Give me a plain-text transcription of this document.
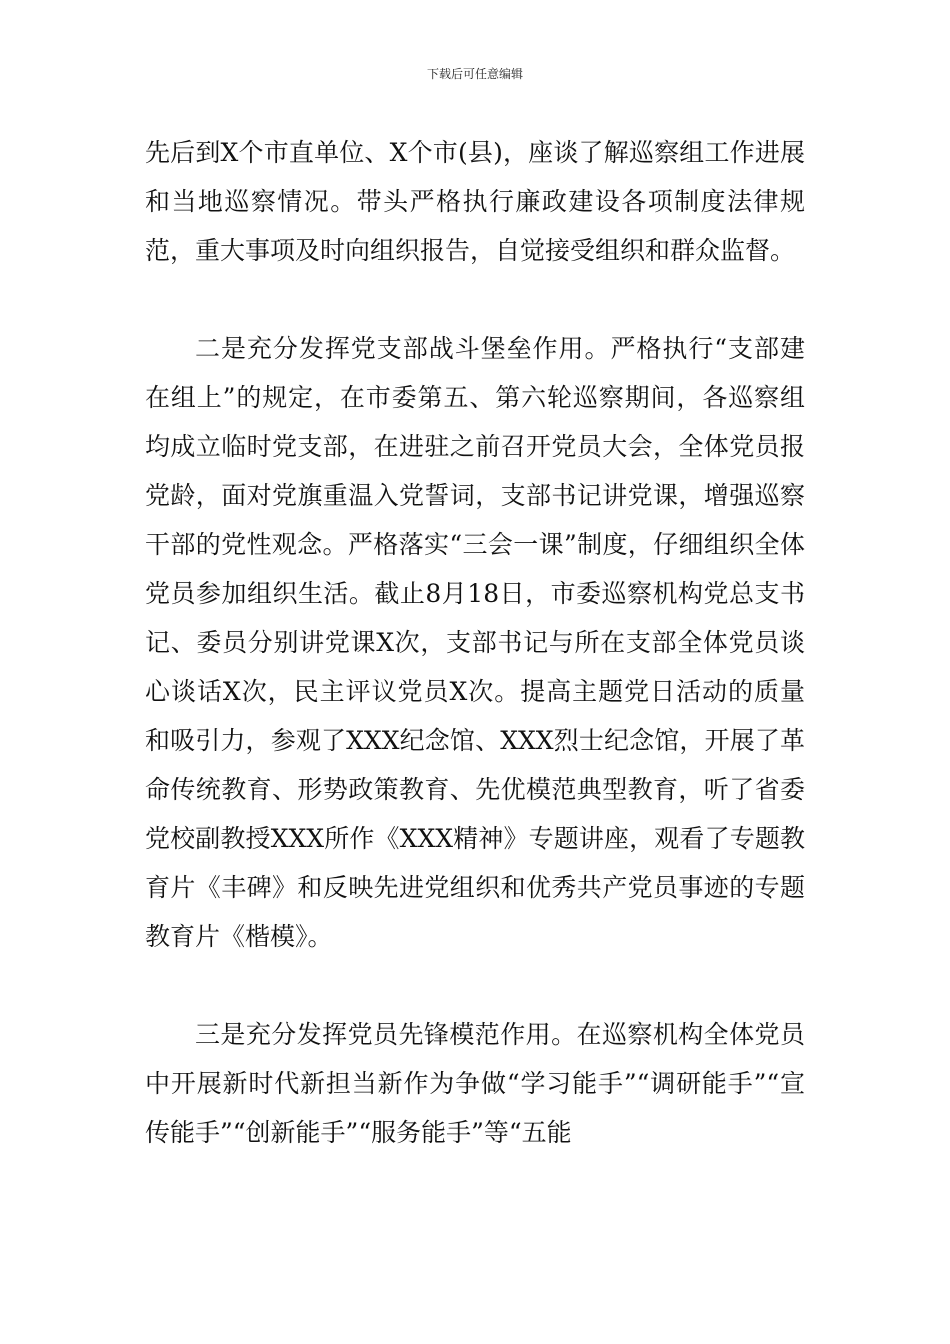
下载后可任意编辑

先后到X个市直单位、X个市(县)，座谈了解巡察组工作进展和当地巡察情况。带头严格执行廉政建设各项制度法律规范，重大事项及时向组织报告，自觉接受组织和群众监督。

二是充分发挥党支部战斗堡垒作用。严格执行“支部建在组上”的规定，在市委第五、第六轮巡察期间，各巡察组均成立临时党支部，在进驻之前召开党员大会，全体党员报党龄，面对党旗重温入党誓词，支部书记讲党课，增强巡察干部的党性观念。严格落实“三会一课”制度，仔细组织全体党员参加组织生活。截止8月18日，市委巡察机构党总支书记、委员分别讲党课X次，支部书记与所在支部全体党员谈心谈话X次，民主评议党员X次。提高主题党日活动的质量和吸引力，参观了XXX纪念馆、XXX烈士纪念馆，开展了革命传统教育、形势政策教育、先优模范典型教育，听了省委党校副教授XXX所作《XXX精神》专题讲座，观看了专题教育片《丰碑》和反映先进党组织和优秀共产党员事迹的专题教育片《楷模》。

三是充分发挥党员先锋模范作用。在巡察机构全体党员中开展新时代新担当新作为争做“学习能手”“调研能手”“宣传能手”“创新能手”“服务能手”等“五能
